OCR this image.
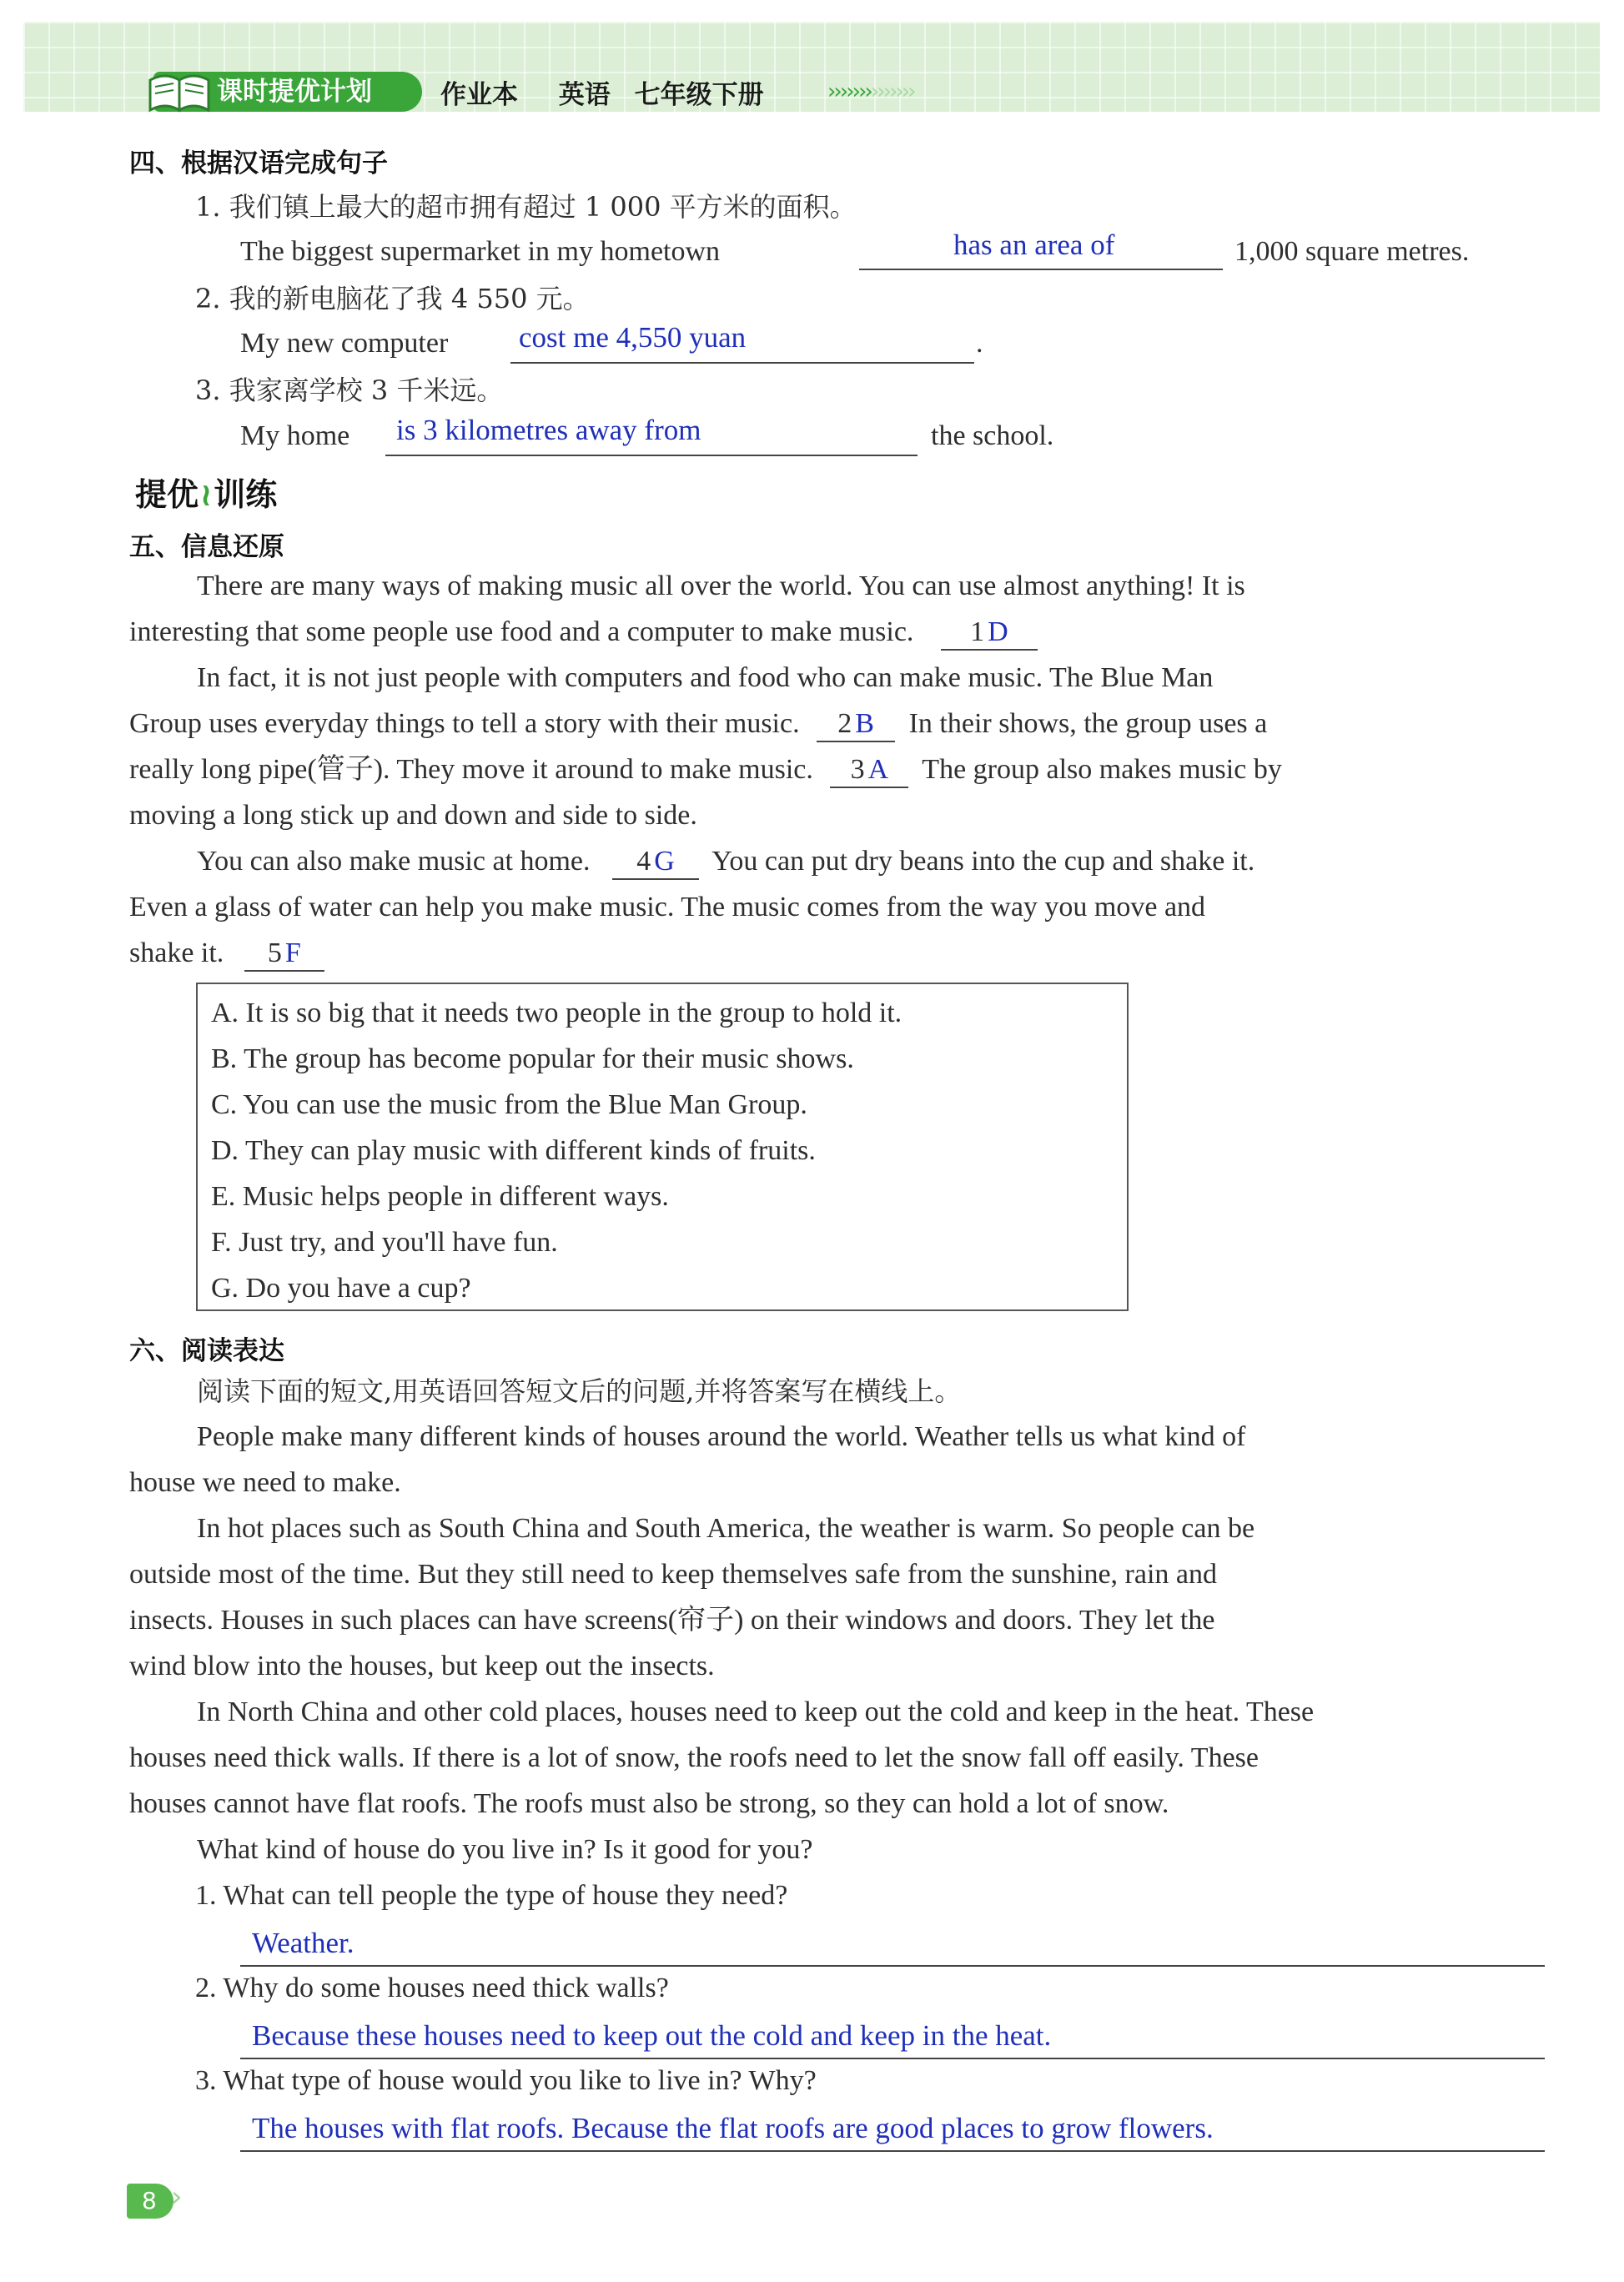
课时提优计划	作业本 英语 七年级下册	››››››››››››››
四、根据汉语完成句子
1. 我们镇上最大的超市拥有超过 1 000 平方米的面积。
The biggest supermarket in my hometown	has an area of	1,000 square metres.
2. 我的新电脑花了我 4 550 元。
My new computer cost me 4,550 yuan	.
3. 我家离学校 3 千米远。
My home is 3 kilometres away from	the school.
提优≀训练
五、信息还原
There are many ways of making music all over the world. You can use almost anything! It is
interesting that some people use food and a computer to make music. 1 D
In fact, it is not just people with computers and food who can make music. The Blue Man
Group uses everyday things to tell a story with their music. 2 B In their shows, the group uses a
really long pipe(管子). They move it around to make music. 3 A The group also makes music by
moving a long stick up and down and side to side.
You can also make music at home. 4 G You can put dry beans into the cup and shake it.
Even a glass of water can help you make music. The music comes from the way you move and
shake it. 5 F
A. It is so big that it needs two people in the group to hold it.
B. The group has become popular for their music shows.
C. You can use the music from the Blue Man Group.
D. They can play music with different kinds of fruits.
E. Music helps people in different ways.
F. Just try, and you'll have fun.
G. Do you have a cup?
六、阅读表达
阅读下面的短文,用英语回答短文后的问题,并将答案写在横线上。
People make many different kinds of houses around the world. Weather tells us what kind of
house we need to make.
In hot places such as South China and South America, the weather is warm. So people can be
outside most of the time. But they still need to keep themselves safe from the sunshine, rain and
insects. Houses in such places can have screens(帘子) on their windows and doors. They let the
wind blow into the houses, but keep out the insects.
In North China and other cold places, houses need to keep out the cold and keep in the heat. These
houses need thick walls. If there is a lot of snow, the roofs need to let the snow fall off easily. These
houses cannot have flat roofs. The roofs must also be strong, so they can hold a lot of snow.
What kind of house do you live in? Is it good for you?
1. What can tell people the type of house they need?
Weather.
2. Why do some houses need thick walls?
Because these houses need to keep out the cold and keep in the heat.
3. What type of house would you like to live in? Why?
The houses with flat roofs. Because the flat roofs are good places to grow flowers.
8 ›
